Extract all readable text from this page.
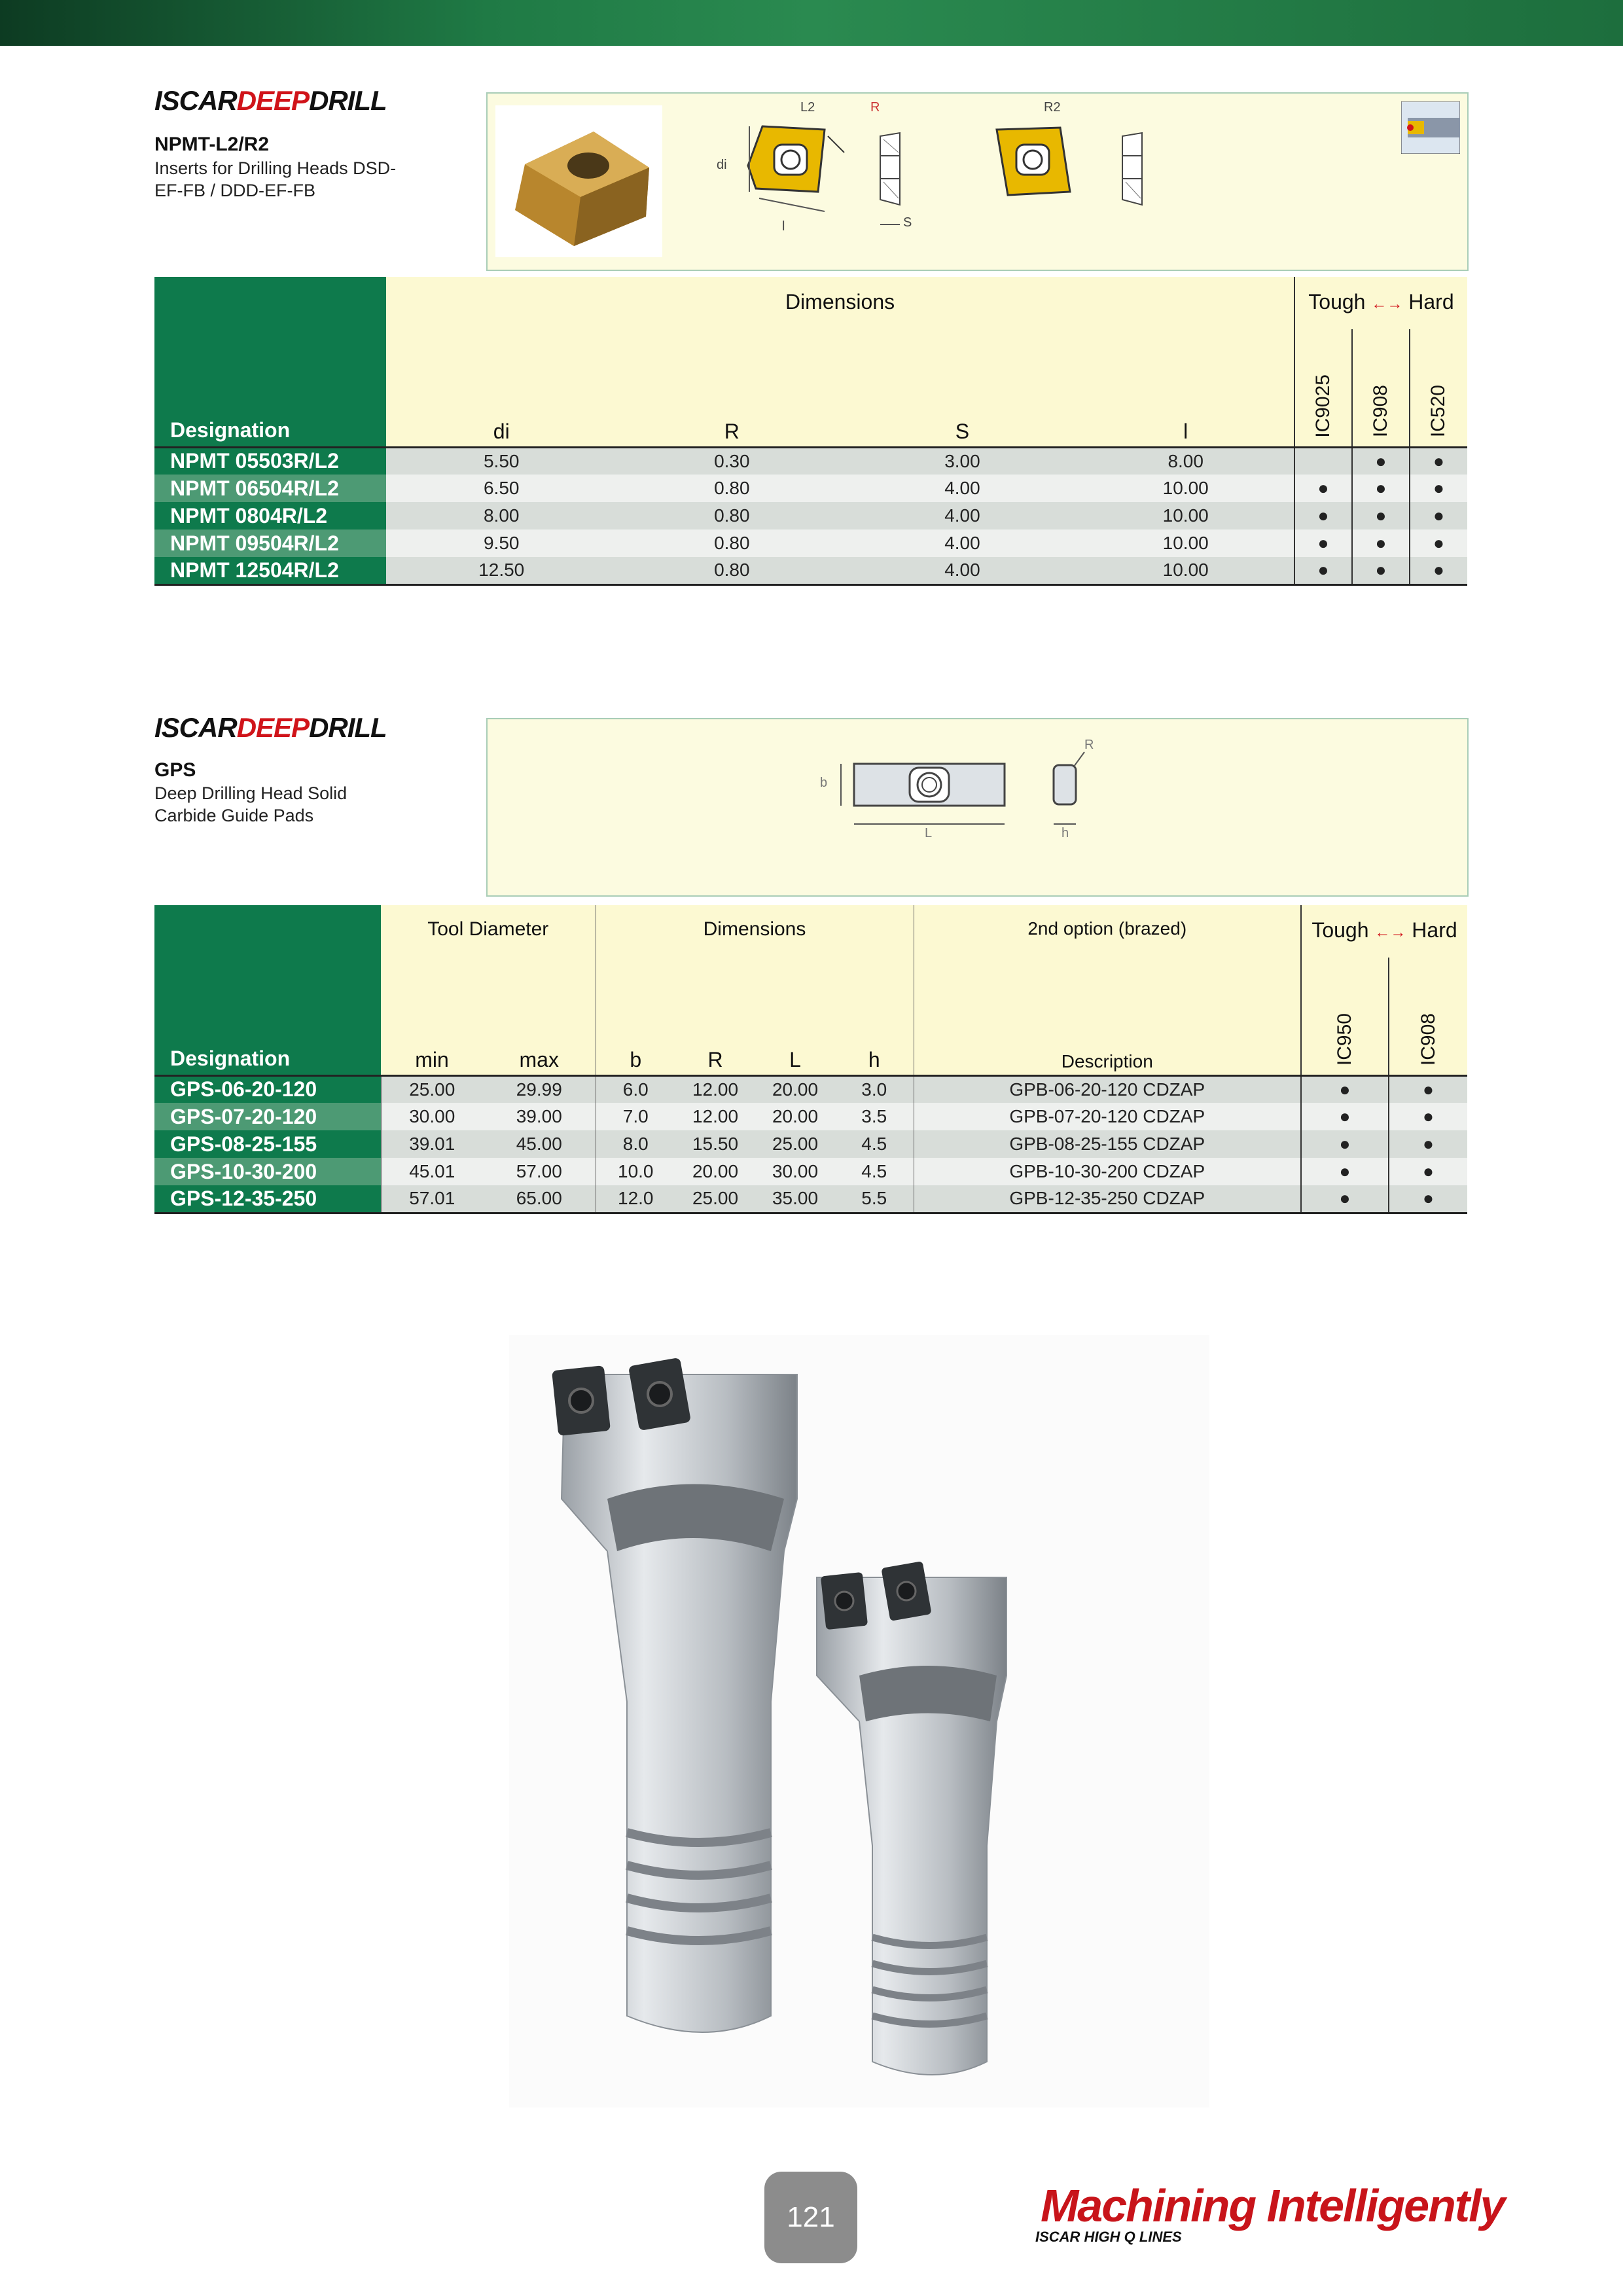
ISCARDEEPDRILL
NPMT-L2/R2
Inserts for Drilling Heads DSD-EF-FB / DDD-EF-FB
L2	R	R2
di
l	S
Designation	Dimensions				Tough ←→ Hard		
	di	R	S	l	IC9025	IC908	IC520
NPMT 05503R/L2	5.50	0.30	3.00	8.00		●	●
NPMT 06504R/L2	6.50	0.80	4.00	10.00	●	●	●
NPMT 0804R/L2	8.00	0.80	4.00	10.00	●	●	●
NPMT 09504R/L2	9.50	0.80	4.00	10.00	●	●	●
NPMT 12504R/L2	12.50	0.80	4.00	10.00	●	●	●
ISCARDEEPDRILL
GPS
Deep Drilling Head Solid Carbide Guide Pads
R
b
L	h
Designation	Tool Diameter		Dimensions				2nd option (brazed)	Tough ←→ Hard	
	min	max	b	R	L	h	Description	IC950	IC908
GPS-06-20-120	25.00	29.99	6.0	12.00	20.00	3.0	GPB-06-20-120 CDZAP	●	●
GPS-07-20-120	30.00	39.00	7.0	12.00	20.00	3.5	GPB-07-20-120 CDZAP	●	●
GPS-08-25-155	39.01	45.00	8.0	15.50	25.00	4.5	GPB-08-25-155 CDZAP	●	●
GPS-10-30-200	45.01	57.00	10.0	20.00	30.00	4.5	GPB-10-30-200 CDZAP	●	●
GPS-12-35-250	57.01	65.00	12.0	25.00	35.00	5.5	GPB-12-35-250 CDZAP	●	●
121	Machining Intelligently
ISCAR HIGH Q LINES
